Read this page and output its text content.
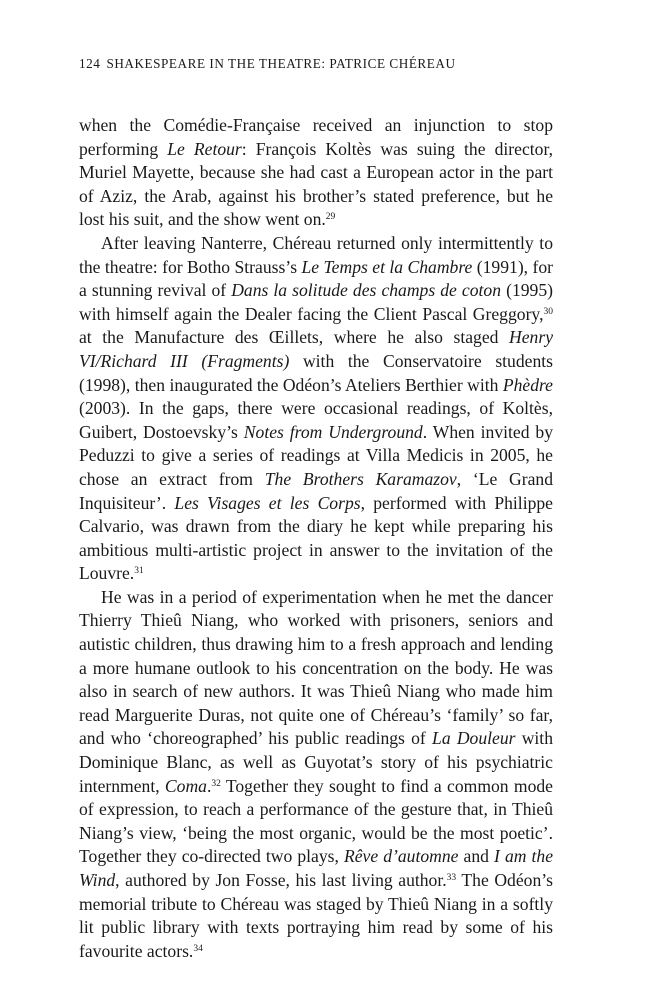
124 SHAKESPEARE IN THE THEATRE: PATRICE CHÉREAU

when the Comédie-Française received an injunction to stop performing Le Retour: François Koltès was suing the director, Muriel Mayette, because she had cast a European actor in the part of Aziz, the Arab, against his brother’s stated preference, but he lost his suit, and the show went on.$^{29}$

After leaving Nanterre, Chéreau returned only intermittently to the theatre: for Botho Strauss’s Le Temps et la Chambre (1991), for a stunning revival of Dans la solitude des champs de coton (1995) with himself again the Dealer facing the Client Pascal Greggory,$^{30}$ at the Manufacture des Œillets, where he also staged Henry VI/Richard III (Fragments) with the Conservatoire students (1998), then inaugurated the Odéon’s Ateliers Berthier with Phèdre (2003). In the gaps, there were occasional readings, of Koltès, Guibert, Dostoevsky’s Notes from Underground. When invited by Peduzzi to give a series of readings at Villa Medicis in 2005, he chose an extract from The Brothers Karamazov, ‘Le Grand Inquisiteur’. Les Visages et les Corps, performed with Philippe Calvario, was drawn from the diary he kept while preparing his ambitious multi-artistic project in answer to the invitation of the Louvre.$^{31}$

He was in a period of experimentation when he met the dancer Thierry Thieû Niang, who worked with prisoners, seniors and autistic children, thus drawing him to a fresh approach and lending a more humane outlook to his concentration on the body. He was also in search of new authors. It was Thieû Niang who made him read Marguerite Duras, not quite one of Chéreau’s ‘family’ so far, and who ‘choreographed’ his public readings of La Douleur with Dominique Blanc, as well as Guyotat’s story of his psychiatric internment, Coma.$^{32}$ Together they sought to find a common mode of expression, to reach a performance of the gesture that, in Thieû Niang’s view, ‘being the most organic, would be the most poetic’. Together they co-directed two plays, Rêve d’automne and I am the Wind, authored by Jon Fosse, his last living author.$^{33}$ The Odéon’s memorial tribute to Chéreau was staged by Thieû Niang in a softly lit public library with texts portraying him read by some of his favourite actors.$^{34}$
